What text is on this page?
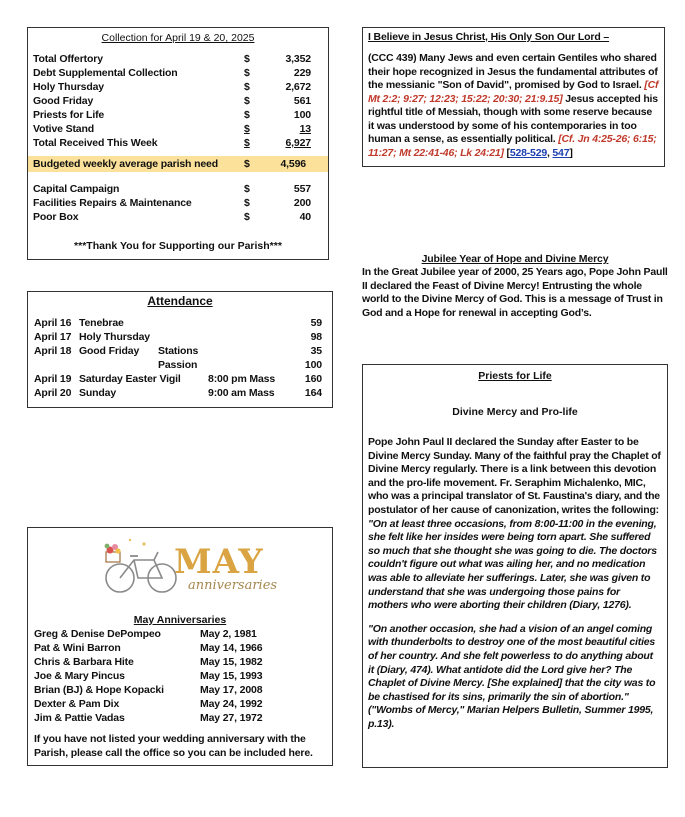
Collection for April 19 & 20, 2025
Total Offertory	$	3,352
Debt Supplemental Collection	$	229
Holy Thursday	$	2,672
Good Friday	$	561
Priests for Life	$	100
Votive Stand	$	13
Total Received This Week	$	6,927
Budgeted weekly average parish need $	4,596
Capital Campaign	$	557
Facilities Repairs & Maintenance	$	200
Poor Box	$	40
***Thank You for Supporting our Parish***
Attendance
April 16 Tenebrae	59
April 17 Holy Thursday	98
April 18 Good Friday Stations	35
Passion	100
April 19 Saturday Easter Vigil	8:00 pm Mass	160
April 20 Sunday	9:00 am Mass	164
MAY
anniversaries
May Anniversaries
Greg & Denise DePompeo	May 2, 1981
Pat & Wini Barron	May 14, 1966
Chris & Barbara Hite	May 15, 1982
Joe & Mary Pincus	May 15, 1993
Brian (BJ) & Hope Kopacki	May 17, 2008
Dexter & Pam Dix	May 24, 1992
Jim & Pattie Vadas	May 27, 1972
If you have not listed your wedding anniversary with the Parish, please call the office so you can be included here.
I Believe in Jesus Christ, His Only Son Our Lord –
(CCC 439) Many Jews and even certain Gentiles who shared their hope recognized in Jesus the fundamental attributes of the messianic "Son of David", promised by God to Israel. [Cf Mt 2:2; 9:27; 12:23; 15:22; 20:30; 21:9.15] Jesus accepted his rightful title of Messiah, though with some reserve because it was understood by some of his contemporaries in too human a sense, as essentially political. [Cf. Jn 4:25-26; 6:15; 11:27; Mt 22:41-46; Lk 24:21] [528-529, 547]
Jubilee Year of Hope and Divine Mercy
In the Great Jubilee year of 2000, 25 Years ago, Pope John Paull II declared the Feast of Divine Mercy! Entrusting the whole world to the Divine Mercy of God. This is a message of Trust in God and a Hope for renewal in accepting God’s.
Priests for Life
Divine Mercy and Pro-life

Pope John Paul II declared the Sunday after Easter to be Divine Mercy Sunday. Many of the faithful pray the Chaplet of Divine Mercy regularly. There is a link between this devotion and the pro-life movement. Fr. Seraphim Michalenko, MIC, who was a principal translator of St. Faustina's diary, and the postulator of her cause of canonization, writes the following: "On at least three occasions, from 8:00-11:00 in the evening, she felt like her insides were being torn apart. She suffered so much that she thought she was going to die. The doctors couldn't figure out what was ailing her, and no medication was able to alleviate her sufferings. Later, she was given to understand that she was undergoing those pains for mothers who were aborting their children (Diary, 1276).

"On another occasion, she had a vision of an angel coming with thunderbolts to destroy one of the most beautiful cities of her country. And she felt powerless to do anything about it (Diary, 474). What antidote did the Lord give her? The Chaplet of Divine Mercy. [She explained] that the city was to be chastised for its sins, primarily the sin of abortion." ("Wombs of Mercy," Marian Helpers Bulletin, Summer 1995, p.13).
